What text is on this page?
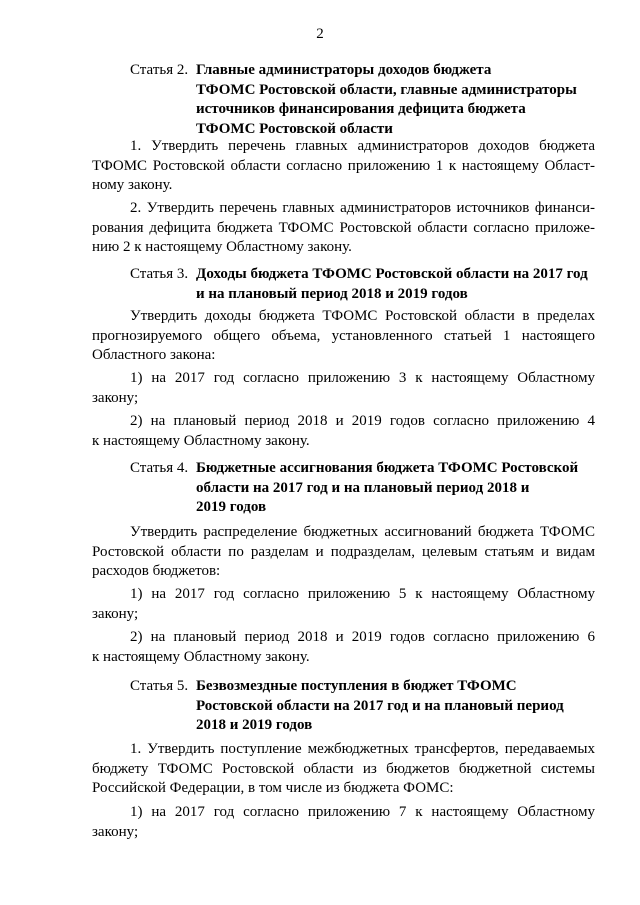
2
Статья 2. Главные администраторы доходов бюджета
ТФОМС Ростовской области, главные администраторы
источников финансирования дефицита бюджета
ТФОМС Ростовской области
1. Утвердить перечень главных администраторов доходов бюджета
ТФОМС Ростовской области согласно приложению 1 к настоящему Област-
ному закону.
2. Утвердить перечень главных администраторов источников финанси-
рования дефицита бюджета ТФОМС Ростовской области согласно приложе-
нию 2 к настоящему Областному закону.
Статья 3. Доходы бюджета ТФОМС Ростовской области на 2017 год
и на плановый период 2018 и 2019 годов
Утвердить доходы бюджета ТФОМС Ростовской области в пределах
прогнозируемого общего объема, установленного статьей 1 настоящего
Областного закона:
1) на 2017 год согласно приложению 3 к настоящему Областному
закону;
2) на плановый период 2018 и 2019 годов согласно приложению 4
к настоящему Областному закону.
Статья 4. Бюджетные ассигнования бюджета ТФОМС Ростовской
области на 2017 год и на плановый период 2018 и
2019 годов
Утвердить распределение бюджетных ассигнований бюджета ТФОМС
Ростовской области по разделам и подразделам, целевым статьям и видам
расходов бюджетов:
1) на 2017 год согласно приложению 5 к настоящему Областному
закону;
2) на плановый период 2018 и 2019 годов согласно приложению 6
к настоящему Областному закону.
Статья 5. Безвозмездные поступления в бюджет ТФОМС
Ростовской области на 2017 год и на плановый период
2018 и 2019 годов
1. Утвердить поступление межбюджетных трансфертов, передаваемых
бюджету ТФОМС Ростовской области из бюджетов бюджетной системы
Российской Федерации, в том числе из бюджета ФОМС:
1) на 2017 год согласно приложению 7 к настоящему Областному
закону;
